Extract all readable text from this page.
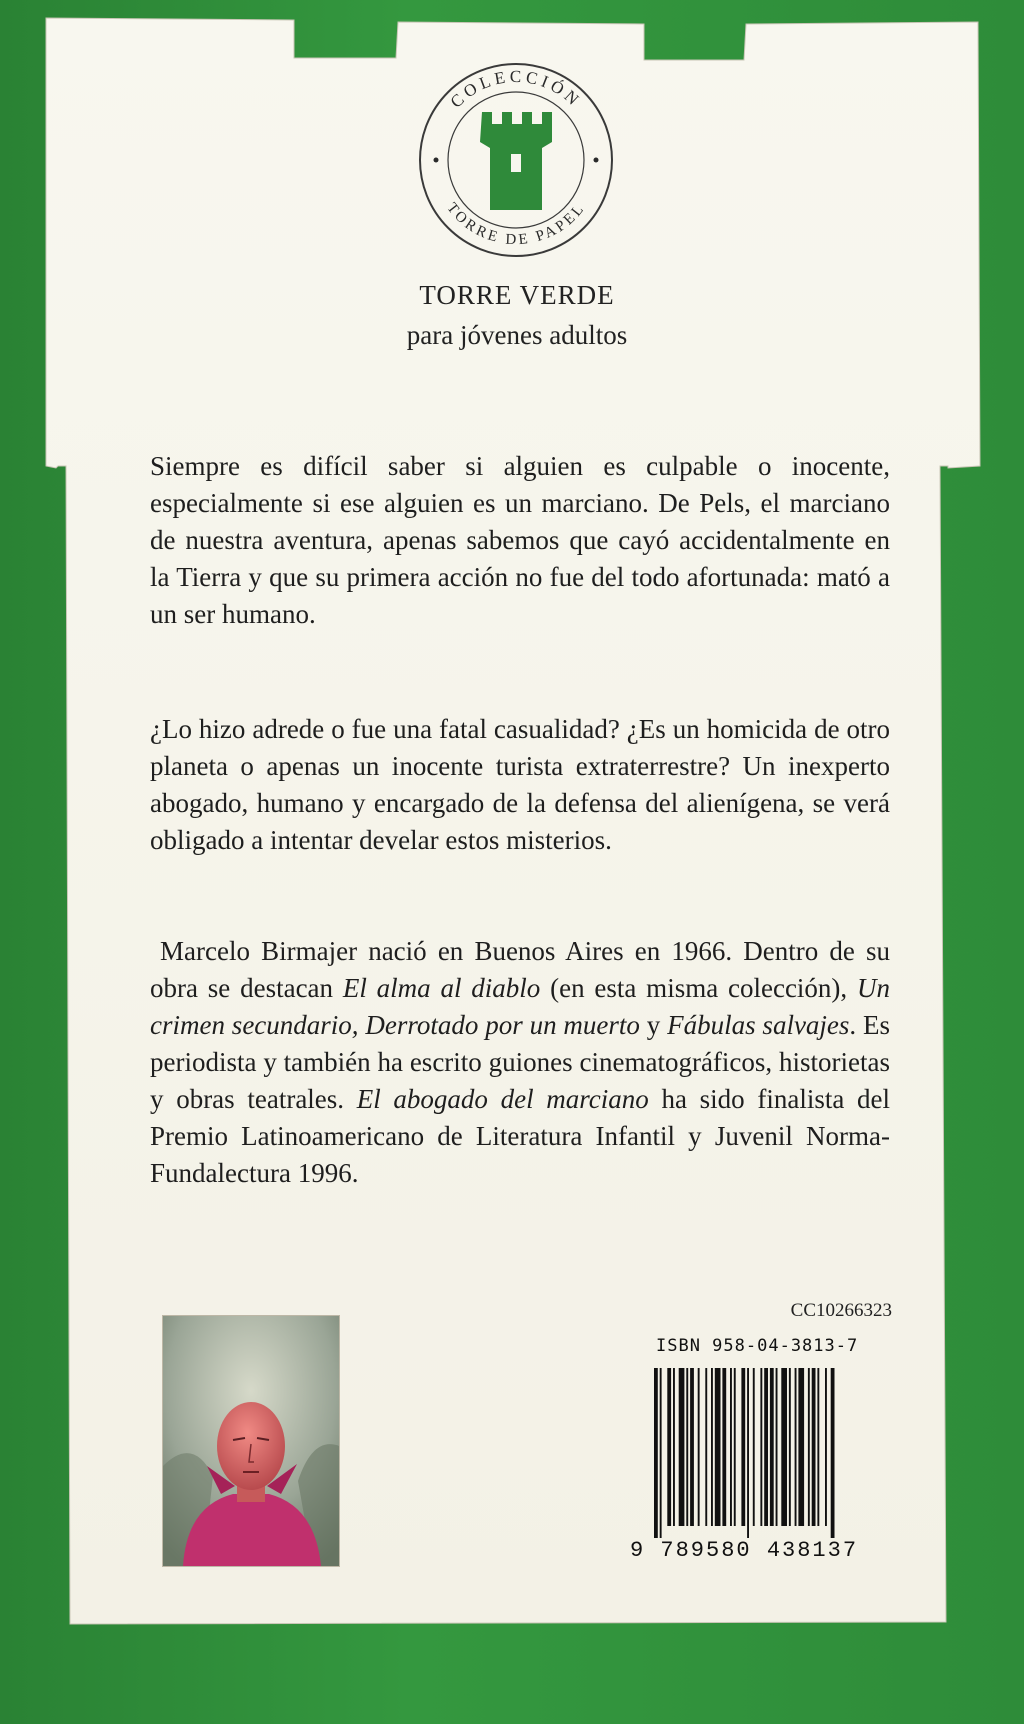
COLECCIÓN
TORRE DE PAPEL
TORRE VERDE
para jóvenes adultos

Siempre es difícil saber si alguien es culpable o inocente, especialmente si ese alguien es un marciano. De Pels, el marciano de nuestra aventura, apenas sabemos que cayó accidentalmente en la Tierra y que su primera acción no fue del todo afortunada: mató a un ser humano.

¿Lo hizo adrede o fue una fatal casualidad? ¿Es un homicida de otro planeta o apenas un inocente turista extraterrestre? Un inexperto abogado, humano y encargado de la defensa del alienígena, se verá obligado a intentar develar estos misterios.

Marcelo Birmajer nació en Buenos Aires en 1966. Dentro de su obra se destacan El alma al diablo (en esta misma colección), Un crimen secundario, Derrotado por un muerto y Fábulas salvajes. Es periodista y también ha escrito guiones cinematográficos, historietas y obras teatrales. El abogado del marciano ha sido finalista del Premio Latinoamericano de Literatura Infantil y Juvenil Norma-Fundalectura 1996.

CC10266323
ISBN 958-04-3813-7
9 789580 438137
